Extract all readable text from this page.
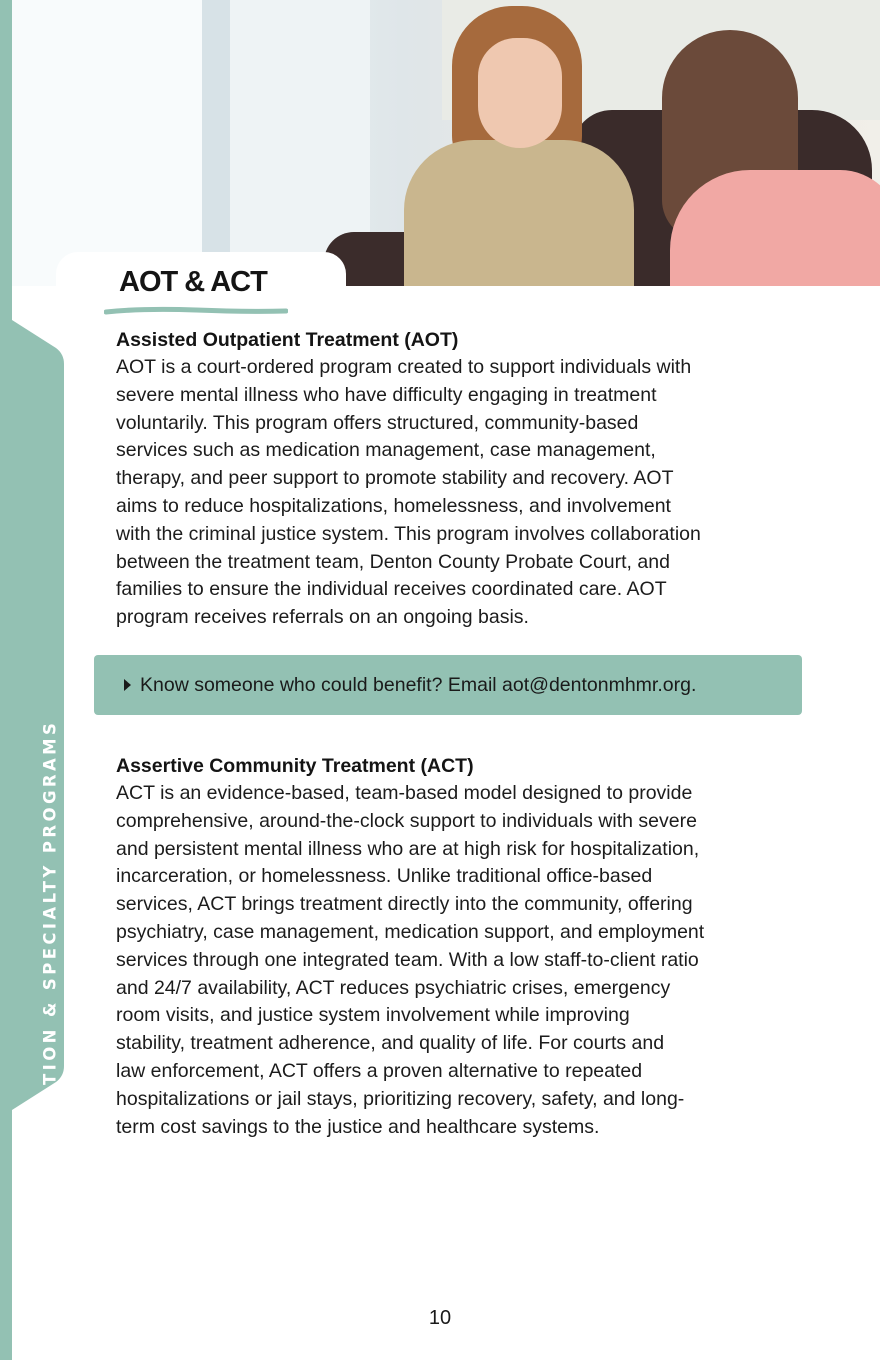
COMMUNITY INTEGRATION & SPECIALTY PROGRAMS
AOT & ACT
Assisted Outpatient Treatment (AOT)
AOT is a court-ordered program created to support individuals with
severe mental illness who have difficulty engaging in treatment
voluntarily. This program offers structured, community-based
services such as medication management, case management,
therapy, and peer support to promote stability and recovery. AOT
aims to reduce hospitalizations, homelessness, and involvement
with the criminal justice system. This program involves collaboration
between the treatment team, Denton County Probate Court, and
families to ensure the individual receives coordinated care. AOT
program receives referrals on an ongoing basis.
Know someone who could benefit? Email aot@dentonmhmr.org.
Assertive Community Treatment (ACT)
ACT is an evidence-based, team-based model designed to provide
comprehensive, around-the-clock support to individuals with severe
and persistent mental illness who are at high risk for hospitalization,
incarceration, or homelessness. Unlike traditional office-based
services, ACT brings treatment directly into the community, offering
psychiatry, case management, medication support, and employment
services through one integrated team. With a low staff-to-client ratio
and 24/7 availability, ACT reduces psychiatric crises, emergency
room visits, and justice system involvement while improving
stability, treatment adherence, and quality of life. For courts and
law enforcement, ACT offers a proven alternative to repeated
hospitalizations or jail stays, prioritizing recovery, safety, and long-
term cost savings to the justice and healthcare systems.
10
